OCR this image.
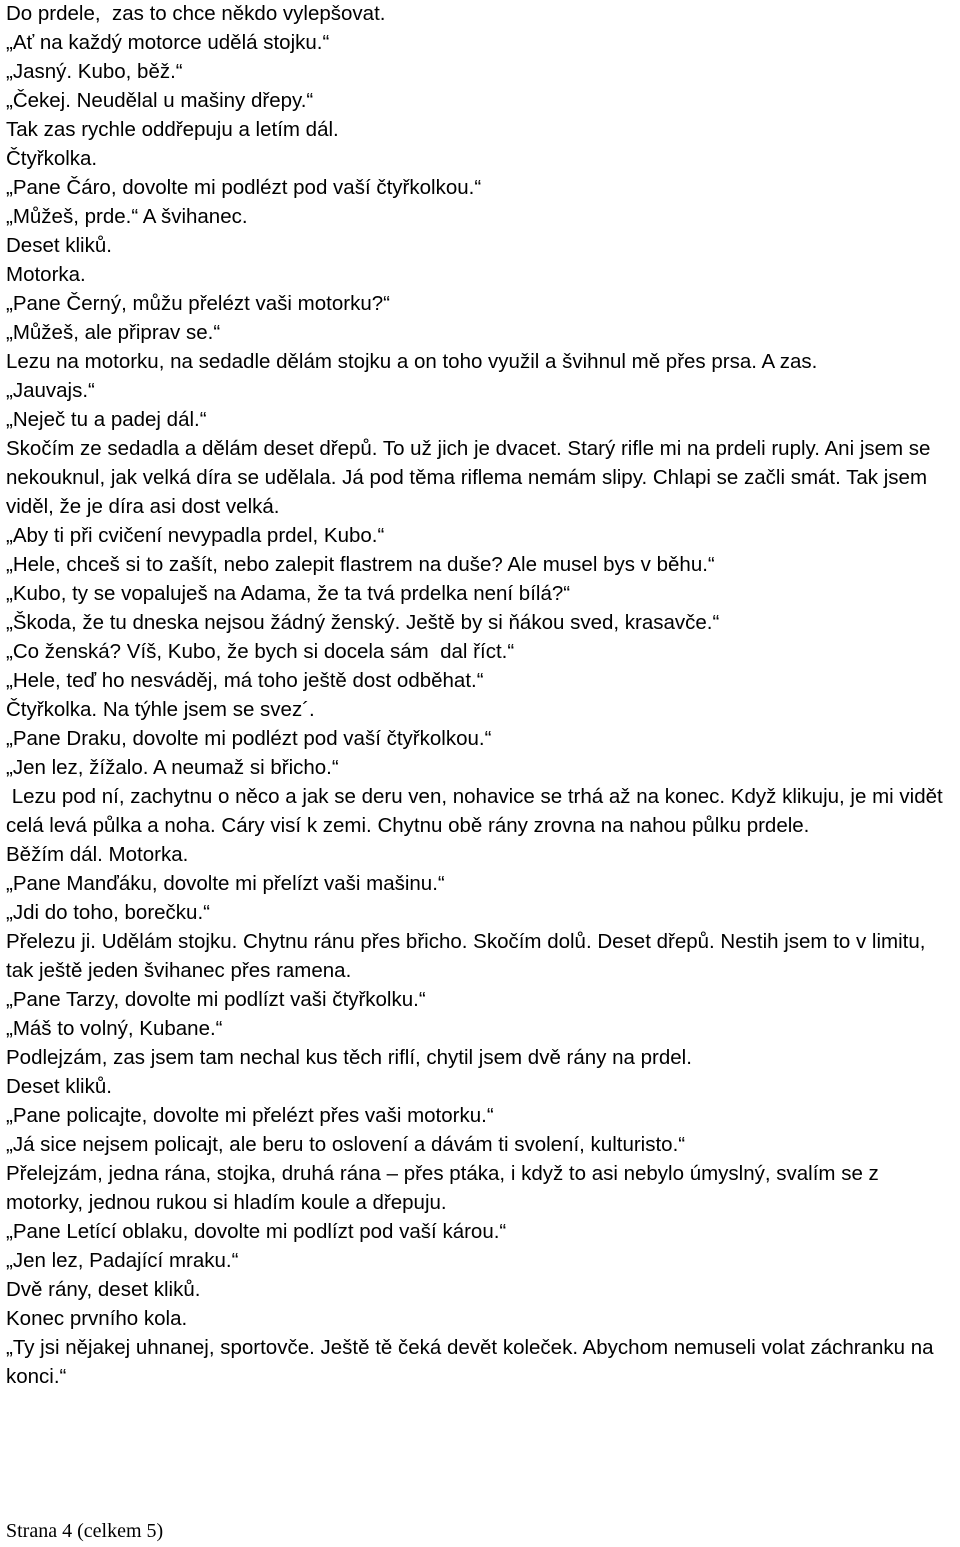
Do prdele,  zas to chce někdo vylepšovat.

„Ať na každý motorce udělá stojku.“

„Jasný. Kubo, běž.“

„Čekej. Neudělal u mašiny dřepy.“

Tak zas rychle oddřepuju a letím dál.

Čtyřkolka.

„Pane Čáro, dovolte mi podlézt pod vaší čtyřkolkou.“

„Můžeš, prde.“ A švihanec.

Deset kliků.

Motorka.

„Pane Černý, můžu přelézt vaši motorku?“

„Můžeš, ale připrav se.“

Lezu na motorku, na sedadle dělám stojku a on toho využil a švihnul mě přes prsa. A zas.

„Jauvajs.“

„Neječ tu a padej dál.“

Skočím ze sedadla a dělám deset dřepů. To už jich je dvacet. Starý rifle mi na prdeli ruply. Ani jsem se nekouknul, jak velká díra se udělala. Já pod těma riflema nemám slipy. Chlapi se začli smát. Tak jsem viděl, že je díra asi dost velká.

„Aby ti při cvičení nevypadla prdel, Kubo.“

„Hele, chceš si to zašít, nebo zalepit flastrem na duše? Ale musel bys v běhu.“

„Kubo, ty se vopaluješ na Adama, že ta tvá prdelka není bílá?“

„Škoda, že tu dneska nejsou žádný ženský. Ještě by si ňákou sved, krasavče.“

„Co ženská? Víš, Kubo, že bych si docela sám  dal říct.“

„Hele, teď ho nesváděj, má toho ještě dost odběhat.“

Čtyřkolka. Na týhle jsem se svez´.

„Pane Draku, dovolte mi podlézt pod vaší čtyřkolkou.“

„Jen lez, žížalo. A neumaž si břicho.“

Lezu pod ní, zachytnu o něco a jak se deru ven, nohavice se trhá až na konec. Když klikuju, je mi vidět celá levá půlka a noha. Cáry visí k zemi. Chytnu obě rány zrovna na nahou půlku prdele.

Běžím dál. Motorka.

„Pane Manďáku, dovolte mi přelízt vaši mašinu.“

„Jdi do toho, borečku.“

Přelezu ji. Udělám stojku. Chytnu ránu přes břicho. Skočím dolů. Deset dřepů. Nestih jsem to v limitu, tak ještě jeden švihanec přes ramena.

„Pane Tarzy, dovolte mi podlízt vaši čtyřkolku.“

„Máš to volný, Kubane.“

Podlejzám, zas jsem tam nechal kus těch riflí, chytil jsem dvě rány na prdel.

Deset kliků.

„Pane policajte, dovolte mi přelézt přes vaši motorku.“

„Já sice nejsem policajt, ale beru to oslovení a dávám ti svolení, kulturisto.“

Přelejzám, jedna rána, stojka, druhá rána – přes ptáka, i když to asi nebylo úmyslný, svalím se z motorky, jednou rukou si hladím koule a dřepuju.

„Pane Letící oblaku, dovolte mi podlízt pod vaší károu.“

„Jen lez, Padající mraku.“

Dvě rány, deset kliků.

Konec prvního kola.

„Ty jsi nějakej uhnanej, sportovče. Ještě tě čeká devět koleček. Abychom nemuseli volat záchranku na konci.“

Strana 4 (celkem 5)
